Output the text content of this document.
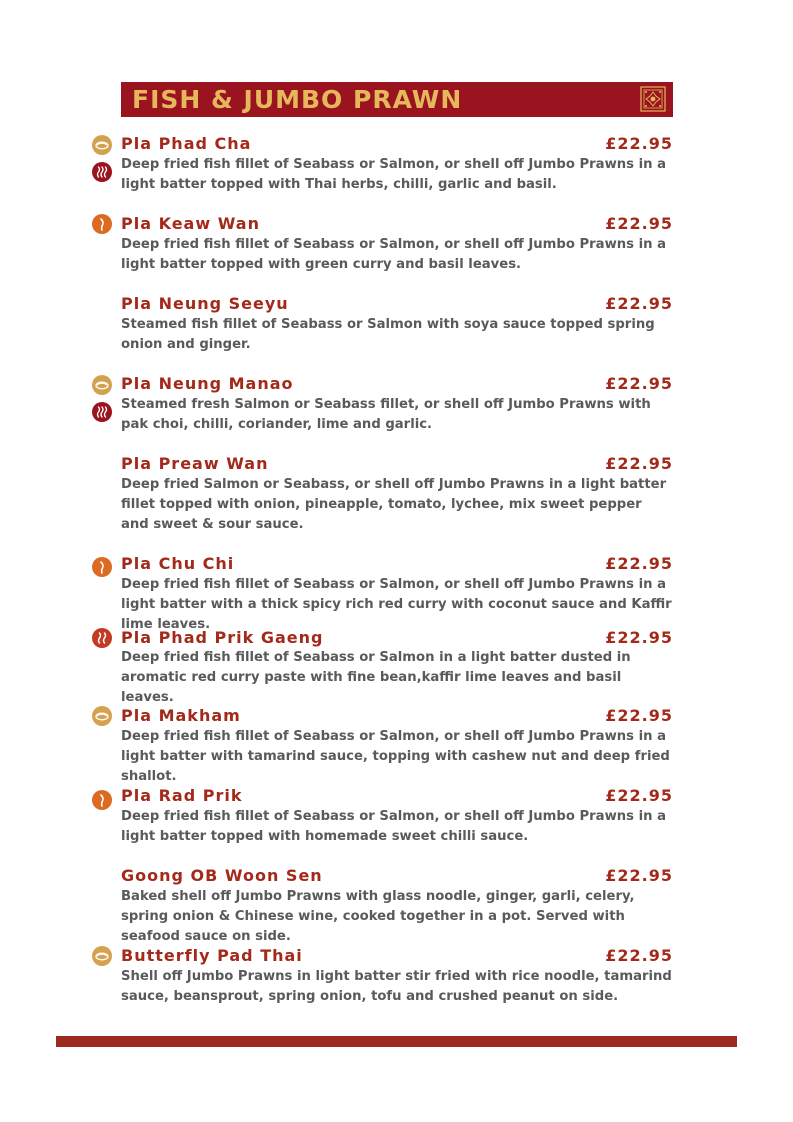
FISH & JUMBO PRAWN
Pla Phad Cha	£22.95
Deep fried fish fillet of Seabass or Salmon, or shell off Jumbo Prawns in a light batter topped with Thai herbs, chilli, garlic and basil.
Pla Keaw Wan	£22.95
Deep fried fish fillet of Seabass or Salmon, or shell off Jumbo Prawns in a light batter topped with green curry and basil leaves.
Pla Neung Seeyu	£22.95
Steamed fish fillet of Seabass or Salmon with soya sauce topped spring onion and ginger.
Pla Neung Manao	£22.95
Steamed fresh Salmon or Seabass fillet, or shell off Jumbo Prawns with pak choi, chilli, coriander, lime and garlic.
Pla Preaw Wan	£22.95
Deep fried Salmon or Seabass, or shell off Jumbo Prawns in a light batter fillet topped with onion, pineapple, tomato, lychee, mix sweet pepper and sweet & sour sauce.
Pla Chu Chi	£22.95
Deep fried fish fillet of Seabass or Salmon, or shell off Jumbo Prawns in a light batter with a thick spicy rich red curry with coconut sauce and Kaffir lime leaves.
Pla Phad Prik Gaeng	£22.95
Deep fried fish fillet of Seabass or Salmon in a light batter dusted in aromatic red curry paste with fine bean,kaffir lime leaves and basil leaves.
Pla Makham	£22.95
Deep fried fish fillet of Seabass or Salmon, or shell off Jumbo Prawns in a light batter with tamarind sauce, topping with cashew nut and deep fried shallot.
Pla Rad Prik	£22.95
Deep fried fish fillet of Seabass or Salmon, or shell off Jumbo Prawns in a light batter topped with homemade sweet chilli sauce.
Goong OB Woon Sen	£22.95
Baked shell off Jumbo Prawns with glass noodle, ginger, garli, celery, spring onion & Chinese wine, cooked together in a pot. Served with seafood sauce on side.
Butterfly Pad Thai	£22.95
Shell off Jumbo Prawns in light batter stir fried with rice noodle, tamarind sauce, beansprout, spring onion, tofu and crushed peanut on side.
